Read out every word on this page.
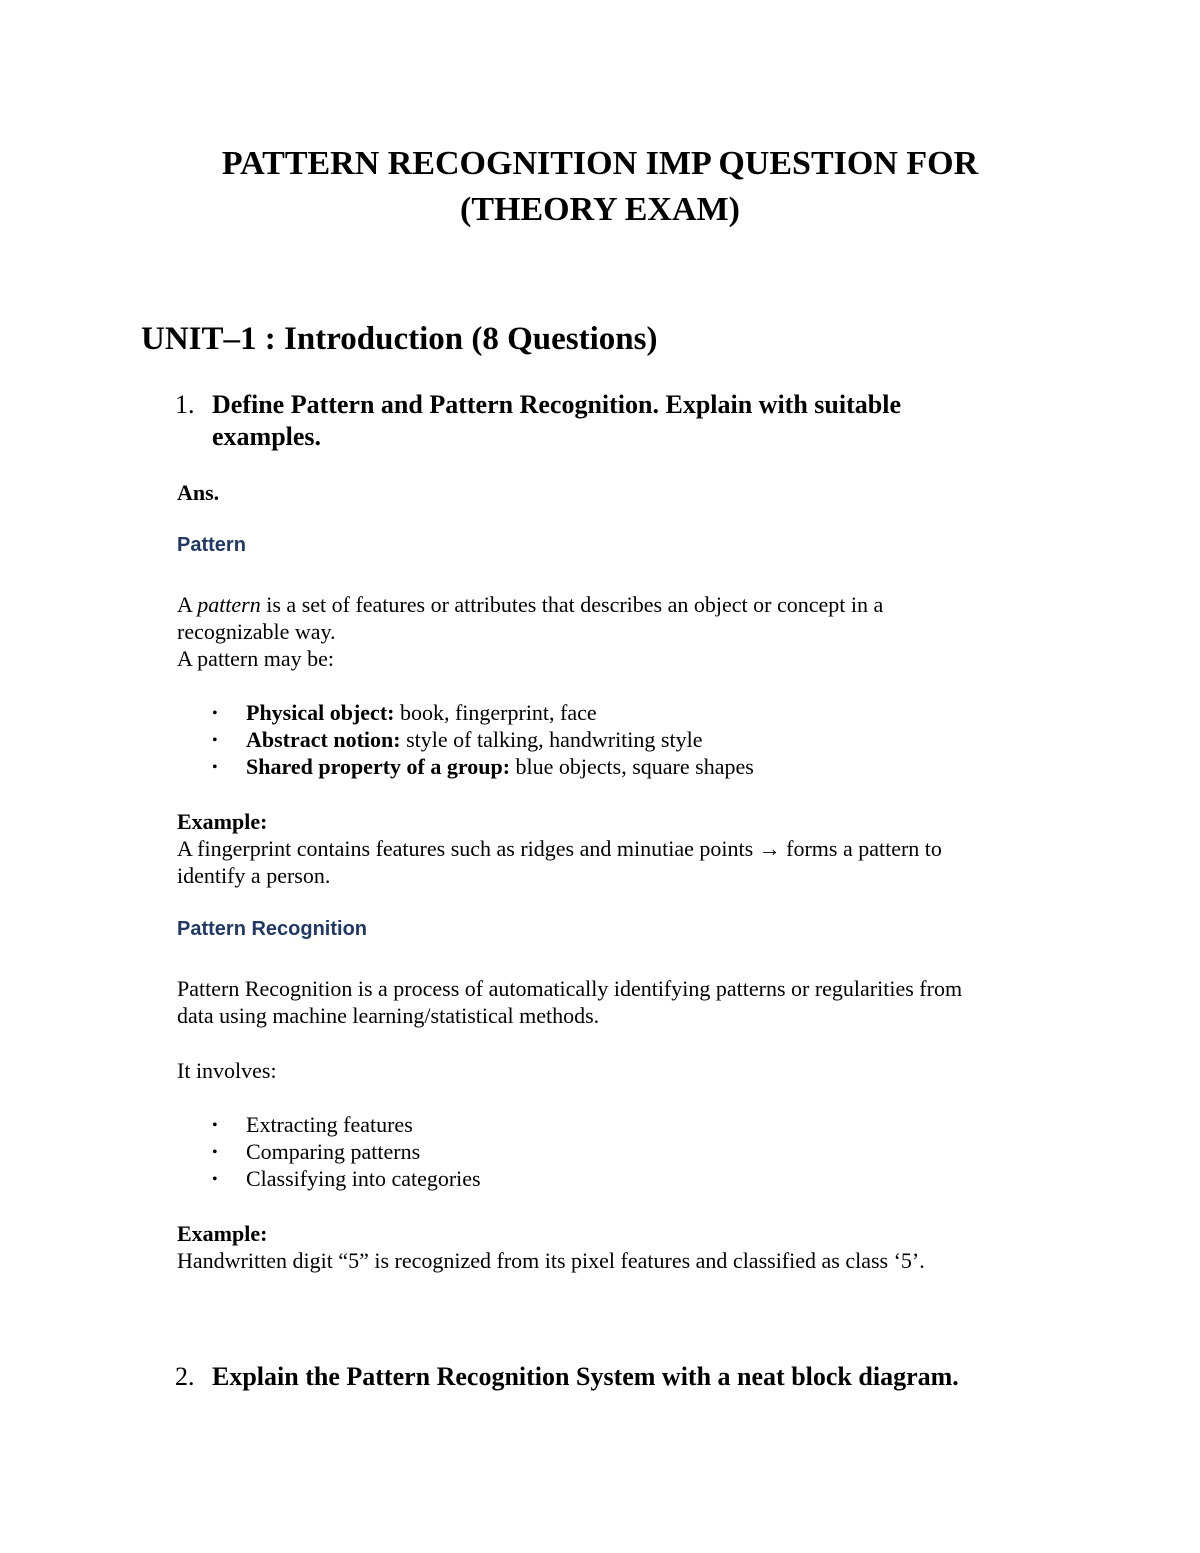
PATTERN RECOGNITION IMP QUESTION FOR
(THEORY EXAM)
UNIT–1 : Introduction (8 Questions)
1. Define Pattern and Pattern Recognition. Explain with suitable
examples.
Ans.
Pattern
A pattern is a set of features or attributes that describes an object or concept in a
recognizable way.
A pattern may be:
• Physical object: book, fingerprint, face
• Abstract notion: style of talking, handwriting style
• Shared property of a group: blue objects, square shapes
Example:
A fingerprint contains features such as ridges and minutiae points → forms a pattern to
identify a person.
Pattern Recognition
Pattern Recognition is a process of automatically identifying patterns or regularities from
data using machine learning/statistical methods.
It involves:
• Extracting features
• Comparing patterns
• Classifying into categories
Example:
Handwritten digit “5” is recognized from its pixel features and classified as class ‘5’.
2. Explain the Pattern Recognition System with a neat block diagram.
